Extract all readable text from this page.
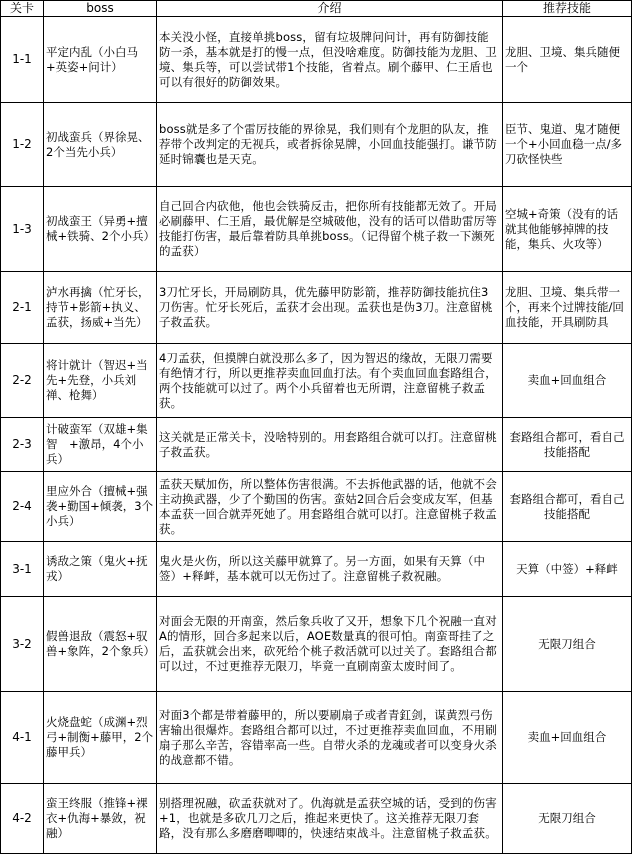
关卡	boss	介绍	推荐技能
1-1	平定内乱（小白马+英姿+问计）	本关没小怪，直接单挑boss，留有垃圾牌问问计，再有防御技能防一杀，基本就是打的慢一点，但没啥难度。防御技能为龙胆、卫境、集兵等，可以尝试带1个技能，省着点。刷个藤甲、仁王盾也可以有很好的防御效果。	龙胆、卫境、集兵随便一个
1-2	初战蛮兵（界徐晃、2个当先小兵）	boss就是多了个雷厉技能的界徐晃，我们则有个龙胆的队友，推荐带个改判定的无视兵，或者拆徐晃牌，小回血技能强打。谦节防延时锦囊也是天克。	臣节、鬼道、鬼才随便一个+小回血稳一点/多刀砍怪快些
1-3	初战蛮王（异勇+擅械+铁骑、2个小兵）	自己回合内砍他，他也会铁骑反击，把你所有技能都无效了。开局必刷藤甲、仁王盾，最优解是空城破他，没有的话可以借助雷厉等技能打伤害，最后靠着防具单挑boss。（记得留个桃子救一下濒死的孟获）	空城+奇策（没有的话就其他能够掉牌的技能，集兵、火攻等）
2-1	泸水再擒（忙牙长，持节+影箭+执义、孟获，扬威+当先）	3刀忙牙长，开局刷防具，优先藤甲防影箭，推荐防御技能抗住3刀伤害。忙牙长死后，孟获才会出现。孟获也是伪3刀。注意留桃子救孟获。	龙胆、卫境、集兵带一个，再来个过牌技能/回血技能，开具刷防具
2-2	将计就计（智迟+当先+先登，小兵刘禅、枪舞）	4刀孟获，但摸牌白就没那么多了，因为智迟的缘故，无限刀需要有绝情才行，所以更推荐卖血回血打法。有个卖血回血套路组合，两个技能就可以过了。两个小兵留着也无所谓，注意留桃子救孟获。	卖血+回血组合
2-3	计破蛮军（双雄+集智　+激昂，4个小兵）	这关就是正常关卡，没啥特别的。用套路组合就可以打。注意留桃子救孟获。	套路组合都可，看自己技能搭配
2-4	里应外合（擅械+强袭+勤国+倾袭，3个小兵）	孟获天赋加伤，所以整体伤害很满。不去拆他武器的话，他就不会主动换武器，少了个勤国的伤害。蛮姑2回合后会变成友军，但基本孟获一回合就弄死她了。用套路组合就可以打。注意留桃子救孟获。	套路组合都可，看自己技能搭配
3-1	诱敌之策（鬼火+抚戎）	鬼火是火伤，所以这关藤甲就算了。另一方面，如果有天算（中签）+释衅，基本就可以无伤过了。注意留桃子救祝融。	天算（中签）+释衅
3-2	假兽退敌（震怒+驭兽+象阵，2个象兵）	对面会无限的开南蛮，然后象兵收了又开，想象下几个祝融一直对A的情形，回合多起来以后，AOE数量真的很可怕。南蛮哥挂了之后，孟获就会出来，砍死给个桃子救活就可以过关了。套路组合都可以过，不过更推荐无限刀，毕竟一直刷南蛮太废时间了。	无限刀组合
4-1	火烧盘蛇（成渊+烈弓+制衡+藤甲，2个藤甲兵）	对面3个都是带着藤甲的，所以要刷扇子或者青釭剑，谋黄烈弓伤害输出很爆炸。套路组合都可以过，不过更推荐卖血回血，不用刷扇子那么辛苦，容错率高一些。自带火杀的龙魂或者可以变身火杀的战意都不错。	卖血+回血组合
4-2	蛮王终服（推锋+裸衣+仇海+暴敛，祝融）	别搭理祝融，砍孟获就对了。仇海就是孟获空城的话，受到的伤害+1，也就是多砍几刀之后，推起来更快了。这关推荐无限刀套路，没有那么多磨磨唧唧的，快速结束战斗。注意留桃子救孟获。	无限刀组合
